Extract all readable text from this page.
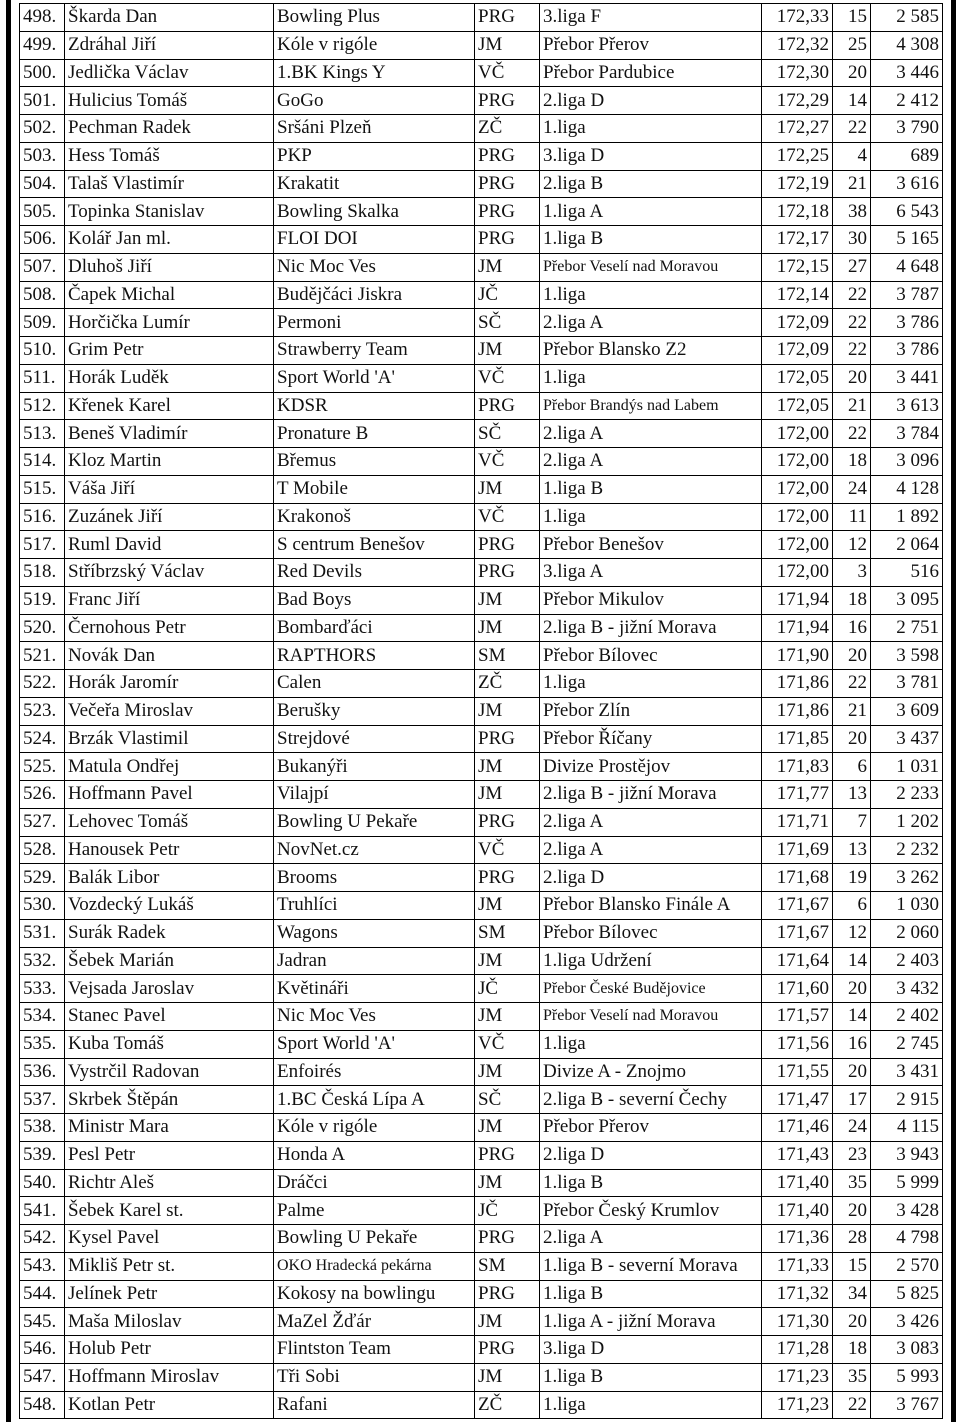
498.	Škarda Dan	Bowling Plus	PRG	3.liga F	172,33	15	2 585
499.	Zdráhal Jiří	Kóle v rigóle	JM	Přebor Přerov	172,32	25	4 308
500.	Jedlička Václav	1.BK Kings Y	VČ	Přebor Pardubice	172,30	20	3 446
501.	Hulicius Tomáš	GoGo	PRG	2.liga D	172,29	14	2 412
502.	Pechman Radek	Sršáni Plzeň	ZČ	1.liga	172,27	22	3 790
503.	Hess Tomáš	PKP	PRG	3.liga D	172,25	4	689
504.	Talaš Vlastimír	Krakatit	PRG	2.liga B	172,19	21	3 616
505.	Topinka Stanislav	Bowling Skalka	PRG	1.liga A	172,18	38	6 543
506.	Kolář Jan ml.	FLOI DOI	PRG	1.liga B	172,17	30	5 165
507.	Dluhoš Jiří	Nic Moc Ves	JM	Přebor Veselí nad Moravou	172,15	27	4 648
508.	Čapek Michal	Budějčáci Jiskra	JČ	1.liga	172,14	22	3 787
509.	Horčička Lumír	Permoni	SČ	2.liga A	172,09	22	3 786
510.	Grim Petr	Strawberry Team	JM	Přebor Blansko Z2	172,09	22	3 786
511.	Horák Luděk	Sport World 'A'	VČ	1.liga	172,05	20	3 441
512.	Křenek Karel	KDSR	PRG	Přebor Brandýs nad Labem	172,05	21	3 613
513.	Beneš Vladimír	Pronature B	SČ	2.liga A	172,00	22	3 784
514.	Kloz Martin	Břemus	VČ	2.liga A	172,00	18	3 096
515.	Váša Jiří	T Mobile	JM	1.liga B	172,00	24	4 128
516.	Zuzánek Jiří	Krakonoš	VČ	1.liga	172,00	11	1 892
517.	Ruml David	S centrum Benešov	PRG	Přebor Benešov	172,00	12	2 064
518.	Stříbrzský Václav	Red Devils	PRG	3.liga A	172,00	3	516
519.	Franc Jiří	Bad Boys	JM	Přebor Mikulov	171,94	18	3 095
520.	Černohous Petr	Bombarďáci	JM	2.liga B - jižní Morava	171,94	16	2 751
521.	Novák Dan	RAPTHORS	SM	Přebor Bílovec	171,90	20	3 598
522.	Horák Jaromír	Calen	ZČ	1.liga	171,86	22	3 781
523.	Večeřa Miroslav	Berušky	JM	Přebor Zlín	171,86	21	3 609
524.	Brzák Vlastimil	Strejdové	PRG	Přebor Říčany	171,85	20	3 437
525.	Matula Ondřej	Bukanýři	JM	Divize Prostějov	171,83	6	1 031
526.	Hoffmann Pavel	Vilajpí	JM	2.liga B - jižní Morava	171,77	13	2 233
527.	Lehovec Tomáš	Bowling U Pekaře	PRG	2.liga A	171,71	7	1 202
528.	Hanousek Petr	NovNet.cz	VČ	2.liga A	171,69	13	2 232
529.	Balák Libor	Brooms	PRG	2.liga D	171,68	19	3 262
530.	Vozdecký Lukáš	Truhlíci	JM	Přebor Blansko Finále A	171,67	6	1 030
531.	Surák Radek	Wagons	SM	Přebor Bílovec	171,67	12	2 060
532.	Šebek Marián	Jadran	JM	1.liga Udržení	171,64	14	2 403
533.	Vejsada Jaroslav	Květináři	JČ	Přebor České Budějovice	171,60	20	3 432
534.	Stanec Pavel	Nic Moc Ves	JM	Přebor Veselí nad Moravou	171,57	14	2 402
535.	Kuba Tomáš	Sport World 'A'	VČ	1.liga	171,56	16	2 745
536.	Vystrčil Radovan	Enfoirés	JM	Divize A - Znojmo	171,55	20	3 431
537.	Skrbek Štěpán	1.BC Česká Lípa A	SČ	2.liga B - severní Čechy	171,47	17	2 915
538.	Ministr Mara	Kóle v rigóle	JM	Přebor Přerov	171,46	24	4 115
539.	Pesl Petr	Honda A	PRG	2.liga D	171,43	23	3 943
540.	Richtr Aleš	Dráčci	JM	1.liga B	171,40	35	5 999
541.	Šebek Karel st.	Palme	JČ	Přebor Český Krumlov	171,40	20	3 428
542.	Kysel Pavel	Bowling U Pekaře	PRG	2.liga A	171,36	28	4 798
543.	Mikliš Petr st.	OKO Hradecká pekárna	SM	1.liga B - severní Morava	171,33	15	2 570
544.	Jelínek Petr	Kokosy na bowlingu	PRG	1.liga B	171,32	34	5 825
545.	Maša Miloslav	MaZel Žďár	JM	1.liga A - jižní Morava	171,30	20	3 426
546.	Holub Petr	Flintston Team	PRG	3.liga D	171,28	18	3 083
547.	Hoffmann Miroslav	Tři Sobi	JM	1.liga B	171,23	35	5 993
548.	Kotlan Petr	Rafani	ZČ	1.liga	171,23	22	3 767
